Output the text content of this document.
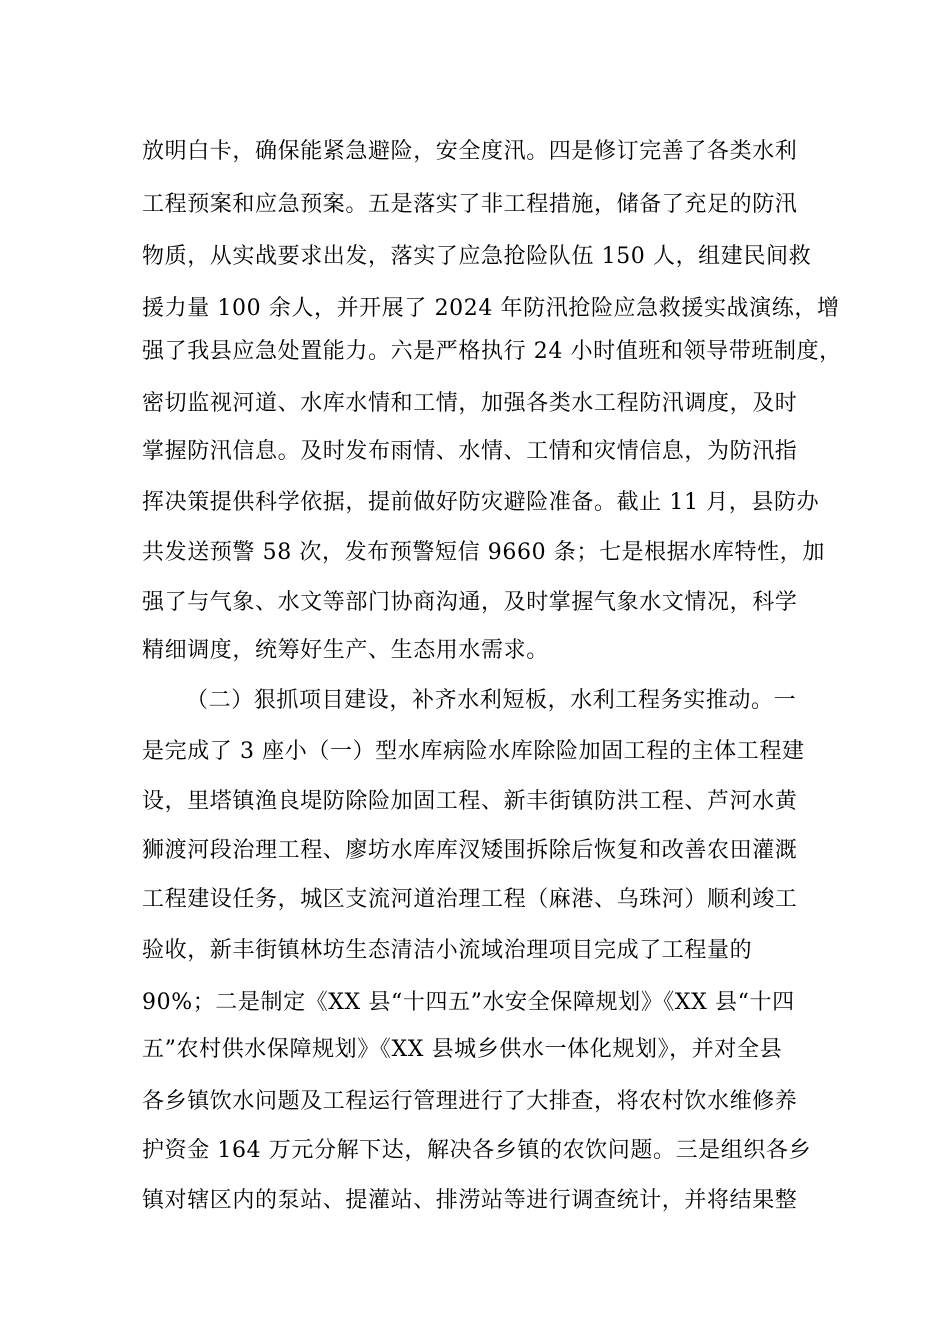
放明白卡，确保能紧急避险，安全度汛。四是修订完善了各类水利
工程预案和应急预案。五是落实了非工程措施，储备了充足的防汛
物质，从实战要求出发，落实了应急抢险队伍 150 人，组建民间救
援力量 100 余人，并开展了 2024 年防汛抢险应急救援实战演练，增
强了我县应急处置能力。六是严格执行 24 小时值班和领导带班制度，
密切监视河道、水库水情和工情，加强各类水工程防汛调度，及时
掌握防汛信息。及时发布雨情、水情、工情和灾情信息，为防汛指
挥决策提供科学依据，提前做好防灾避险准备。截止 11 月，县防办
共发送预警 58 次，发布预警短信 9660 条；七是根据水库特性，加
强了与气象、水文等部门协商沟通，及时掌握气象水文情况，科学
精细调度，统筹好生产、生态用水需求。
（二）狠抓项目建设，补齐水利短板，水利工程务实推动。一
是完成了 3 座小（一）型水库病险水库除险加固工程的主体工程建
设，里塔镇渔良堤防除险加固工程、新丰街镇防洪工程、芦河水黄
狮渡河段治理工程、廖坊水库库汊矮围拆除后恢复和改善农田灌溉
工程建设任务，城区支流河道治理工程（麻港、乌珠河）顺利竣工
验收，新丰街镇林坊生态清洁小流域治理项目完成了工程量的
90%；二是制定《XX 县“十四五”水安全保障规划》《XX 县“十四
五”农村供水保障规划》《XX 县城乡供水一体化规划》，并对全县
各乡镇饮水问题及工程运行管理进行了大排查，将农村饮水维修养
护资金 164 万元分解下达，解决各乡镇的农饮问题。三是组织各乡
镇对辖区内的泵站、提灌站、排涝站等进行调查统计，并将结果整
